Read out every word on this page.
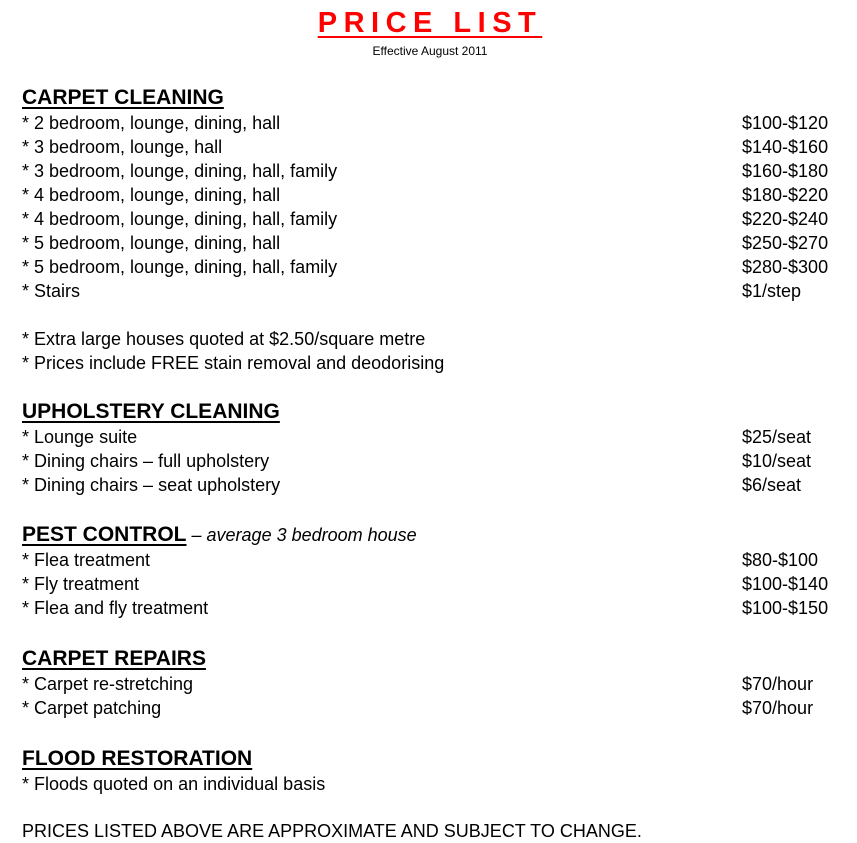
PRICE LIST
Effective August 2011
CARPET CLEANING
* 2 bedroom, lounge, dining, hall	$100-$120
* 3 bedroom, lounge, hall	$140-$160
* 3 bedroom, lounge, dining, hall, family	$160-$180
* 4 bedroom, lounge, dining, hall	$180-$220
* 4 bedroom, lounge, dining, hall, family	$220-$240
* 5 bedroom, lounge, dining, hall	$250-$270
* 5 bedroom, lounge, dining, hall, family	$280-$300
* Stairs	$1/step
* Extra large houses quoted at $2.50/square metre
* Prices include FREE stain removal and deodorising
UPHOLSTERY CLEANING
* Lounge suite	$25/seat
* Dining chairs – full upholstery	$10/seat
* Dining chairs – seat upholstery	$6/seat
PEST CONTROL – average 3 bedroom house
* Flea treatment	$80-$100
* Fly treatment	$100-$140
* Flea and fly treatment	$100-$150
CARPET REPAIRS
* Carpet re-stretching	$70/hour
* Carpet patching	$70/hour
FLOOD RESTORATION
* Floods quoted on an individual basis
PRICES LISTED ABOVE ARE APPROXIMATE AND SUBJECT TO CHANGE.
